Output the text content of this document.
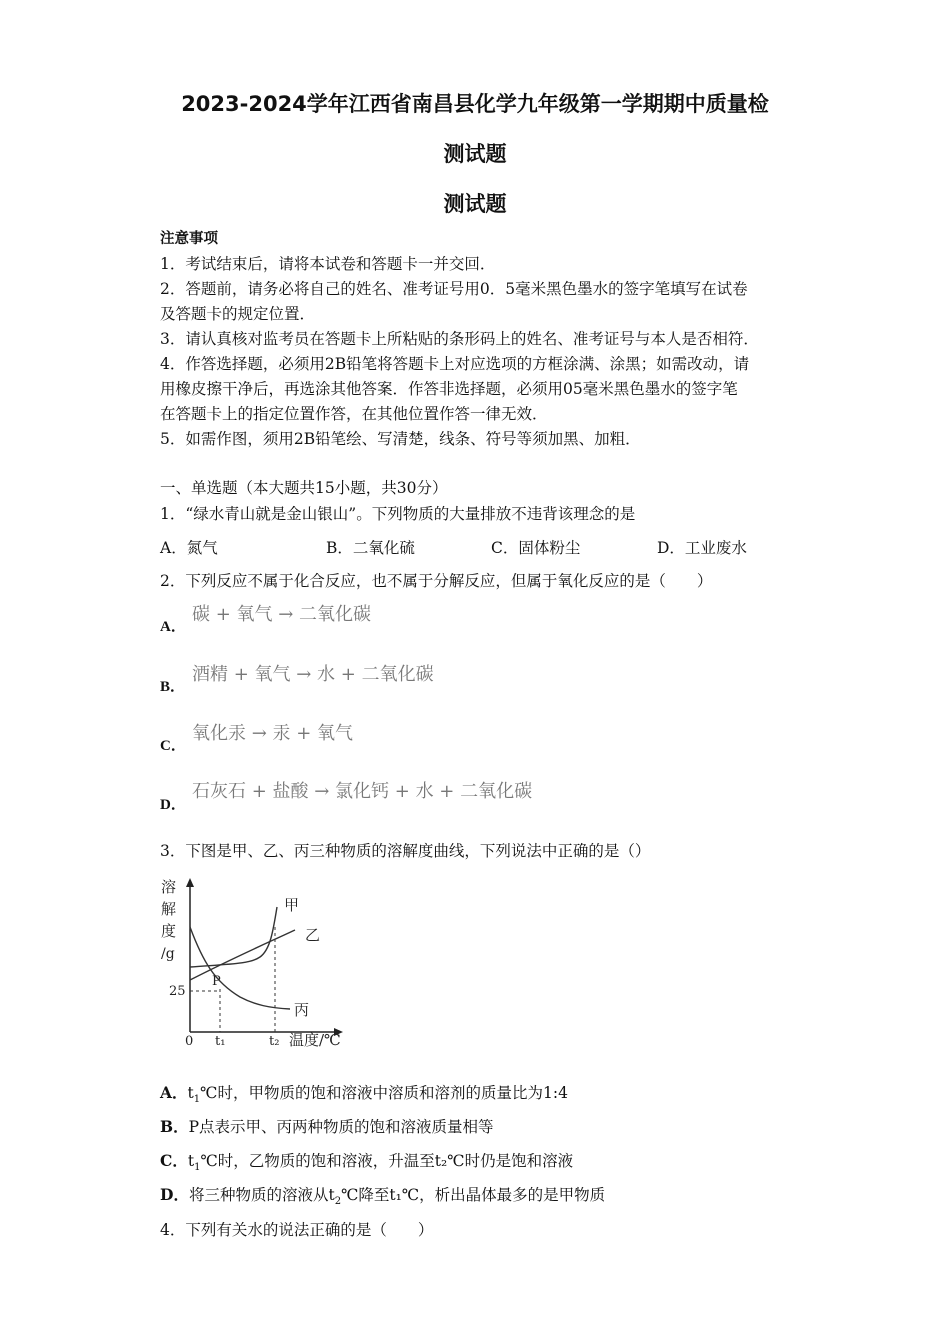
2023-2024学年江西省南昌县化学九年级第一学期期中质量检
测试题
测试题
注意事项
1．考试结束后，请将本试卷和答题卡一并交回．
2．答题前，请务必将自己的姓名、准考证号用0．5毫米黑色墨水的签字笔填写在试卷
及答题卡的规定位置．
3．请认真核对监考员在答题卡上所粘贴的条形码上的姓名、准考证号与本人是否相符．
4．作答选择题，必须用2B铅笔将答题卡上对应选项的方框涂满、涂黑；如需改动，请
用橡皮擦干净后，再选涂其他答案．作答非选择题，必须用05毫米黑色墨水的签字笔
在答题卡上的指定位置作答，在其他位置作答一律无效．
5．如需作图，须用2B铅笔绘、写清楚，线条、符号等须加黑、加粗．
一、单选题（本大题共15小题，共30分）
1．“绿水青山就是金山银山”。下列物质的大量排放不违背该理念的是
A．氮气	B．二氧化硫	C．固体粉尘	D．工业废水
2．下列反应不属于化合反应，也不属于分解反应，但属于氧化反应的是（　　）
A．
碳 + 氧气 → 二氧化碳
B．
酒精 + 氧气 → 水 + 二氧化碳
C．
氧化汞 → 汞 + 氧气
D．
石灰石 + 盐酸 → 氯化钙 + 水 + 二氧化碳
3．下图是甲、乙、丙三种物质的溶解度曲线，下列说法中正确的是（）
溶
解
度
/g
甲
乙
丙
P
25
0 t₁	t₂ 温度/℃
A．$t_1℃$时，甲物质的饱和溶液中溶质和溶剂的质量比为1:4
B．P点表示甲、丙两种物质的饱和溶液质量相等
C．$t_1℃$时，乙物质的饱和溶液，升温至t₂℃时仍是饱和溶液
D．将三种物质的溶液从$t_2℃$降至t₁℃，析出晶体最多的是甲物质
4．下列有关水的说法正确的是（　　）
